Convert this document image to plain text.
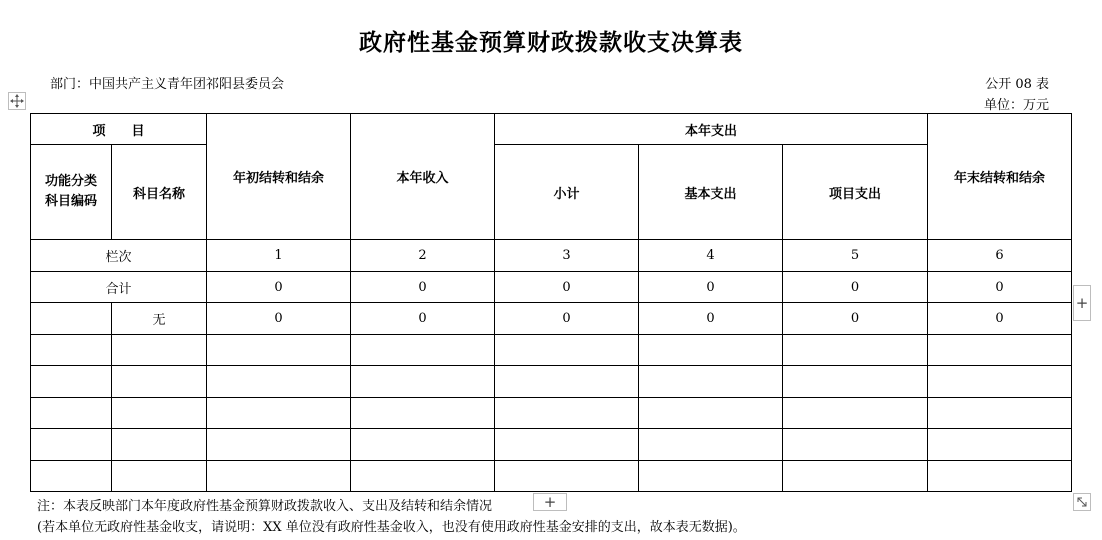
政府性基金预算财政拨款收支决算表
部门：中国共产主义青年团祁阳县委员会	公开 08 表
单位：万元
项　　目		年初结转和结余	本年收入	本年支出			年末结转和结余

功能分类
科目编码	科目名称			小计	基本支出	项目支出	
栏次		1	2	3	4	5	6
合计		0	0	0	0	0	0
	无	0	0	0	0	0	0

+
注：本表反映部门本年度政府性基金预算财政拨款收入、支出及结转和结余情况	+
(若本单位无政府性基金收支，请说明：XX 单位没有政府性基金收入，也没有使用政府性基金安排的支出，故本表无数据)。
